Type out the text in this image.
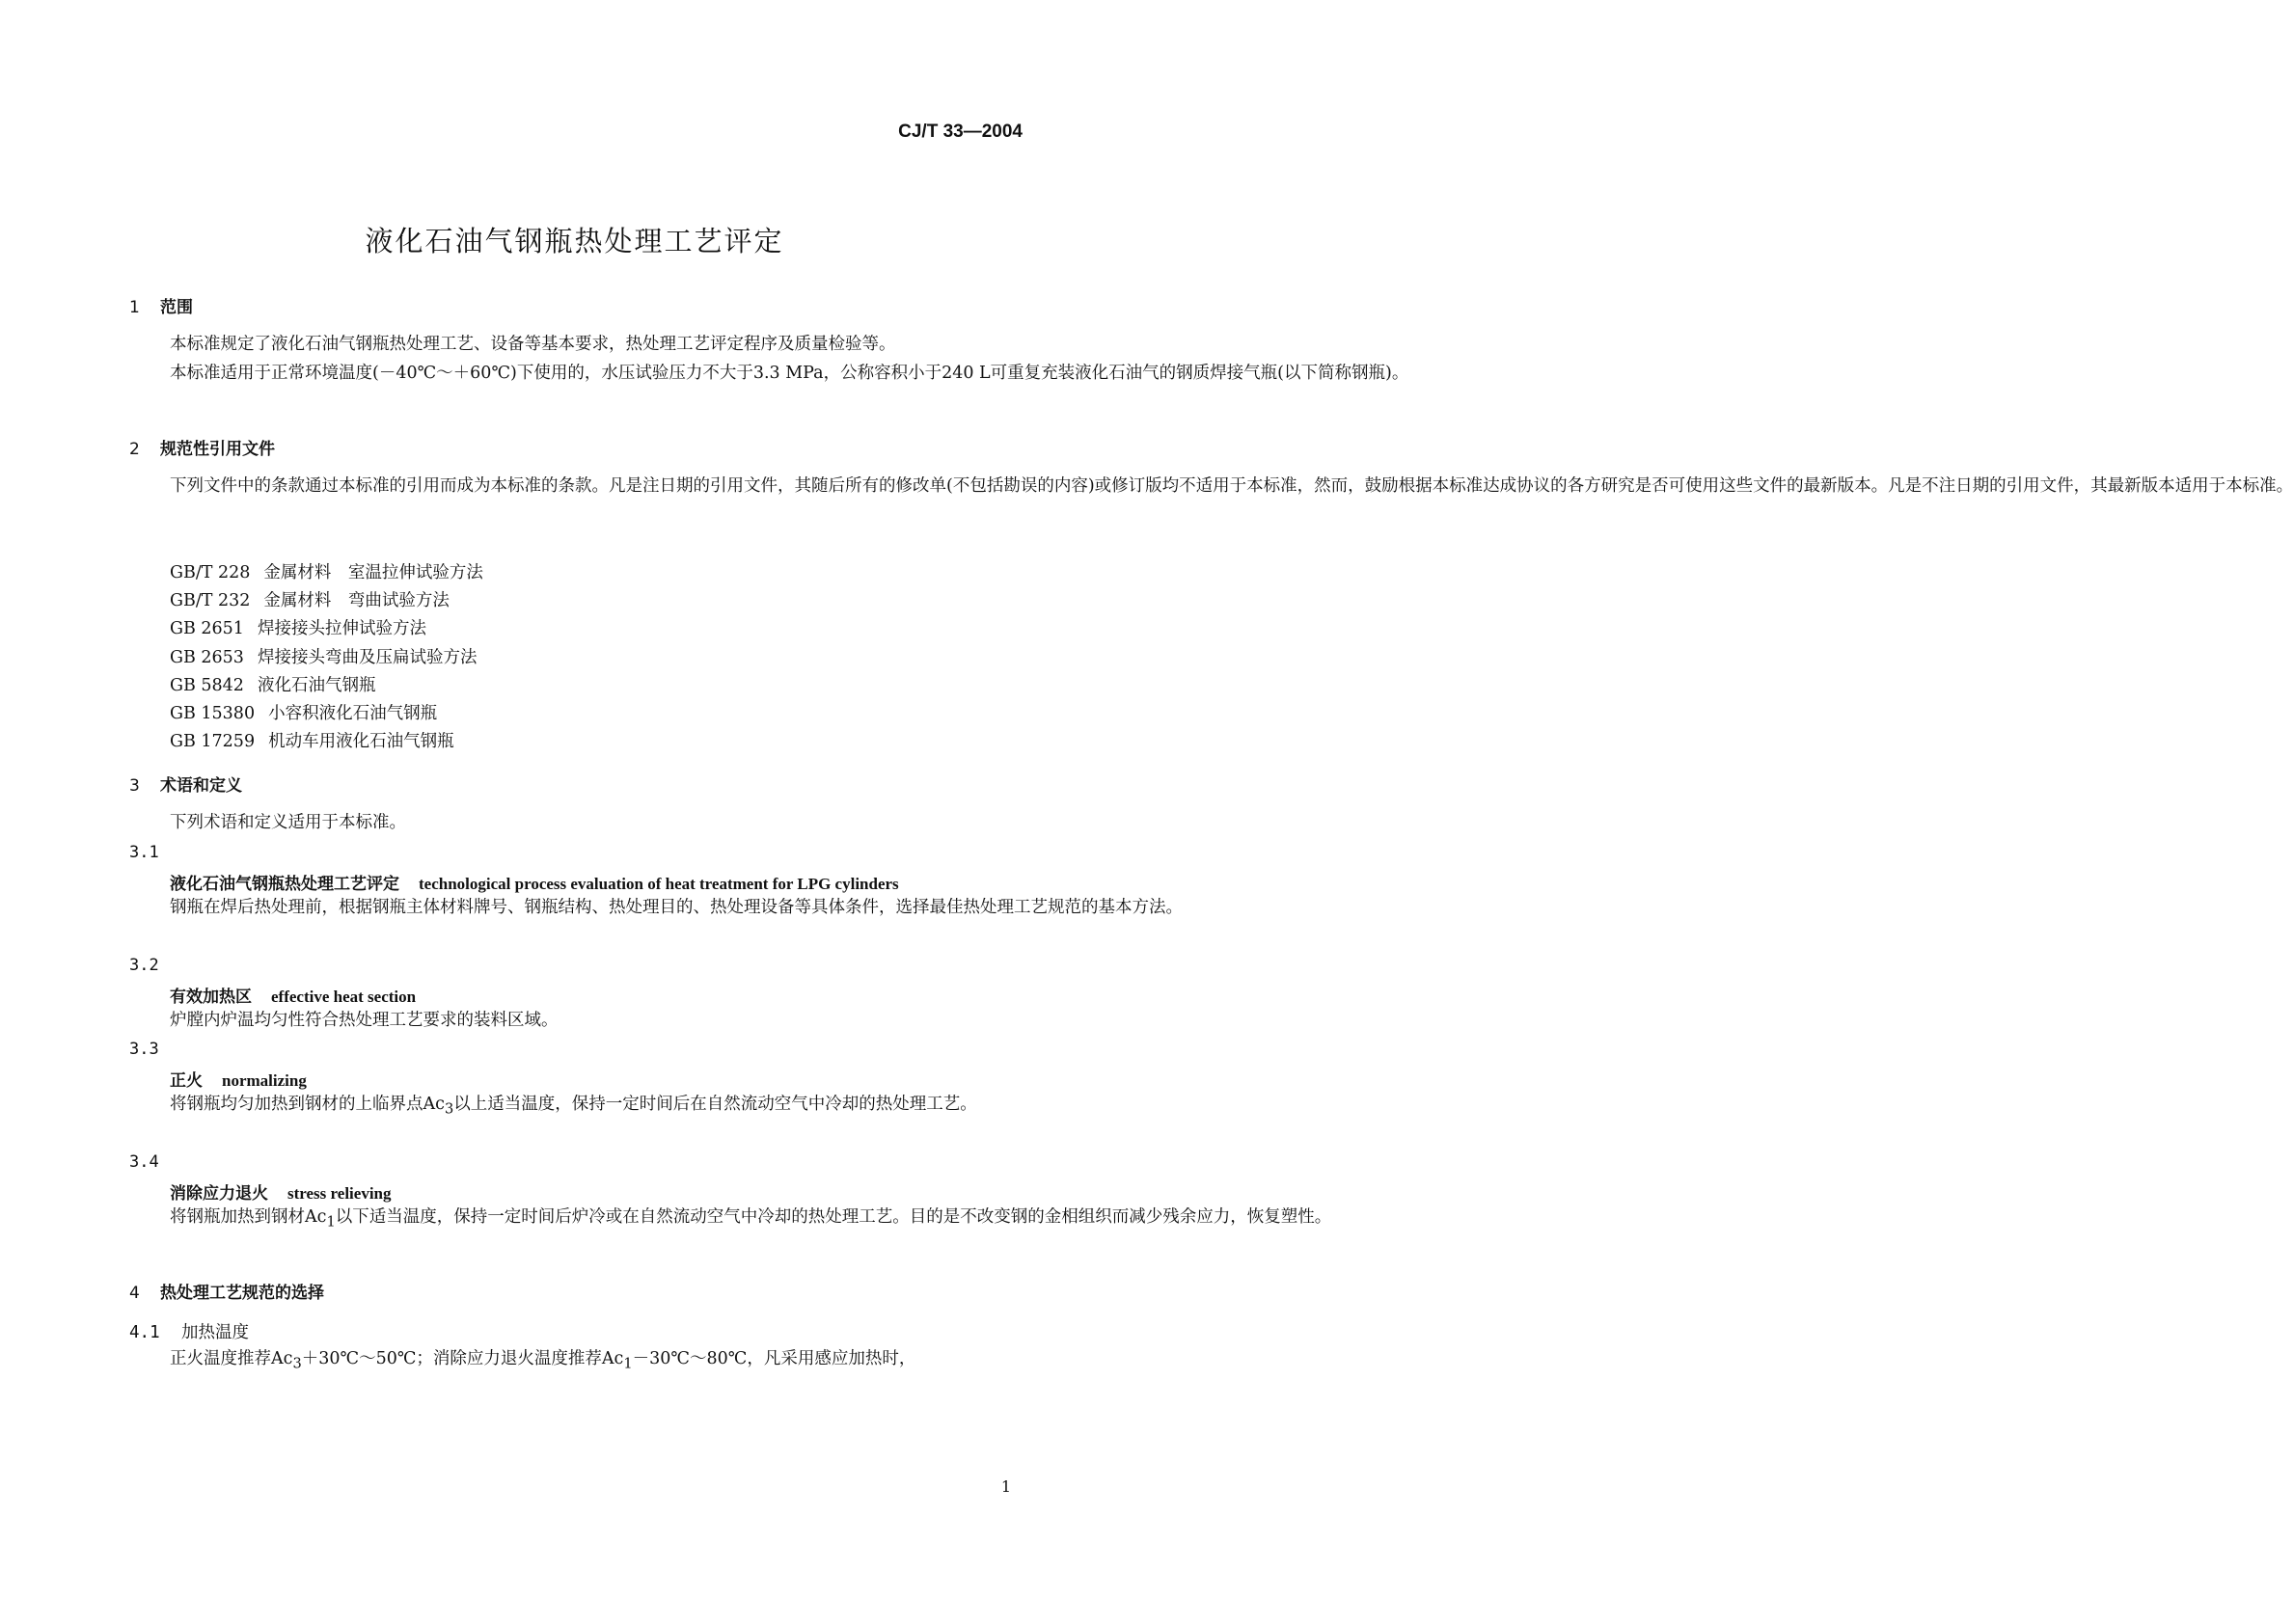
CJ/T 33—2004
液化石油气钢瓶热处理工艺评定
1 范围
本标准规定了液化石油气钢瓶热处理工艺、设备等基本要求，热处理工艺评定程序及质量检验等。
本标准适用于正常环境温度(－40℃～＋60℃)下使用的，水压试验压力不大于3.3 MPa，公称容积小于240 L可重复充装液化石油气的钢质焊接气瓶(以下简称钢瓶)。
2 规范性引用文件
下列文件中的条款通过本标准的引用而成为本标准的条款。凡是注日期的引用文件，其随后所有的修改单(不包括勘误的内容)或修订版均不适用于本标准，然而，鼓励根据本标准达成协议的各方研究是否可使用这些文件的最新版本。凡是不注日期的引用文件，其最新版本适用于本标准。
GB/T 228 金属材料　室温拉伸试验方法
GB/T 232 金属材料　弯曲试验方法
GB 2651 焊接接头拉伸试验方法
GB 2653 焊接接头弯曲及压扁试验方法
GB 5842 液化石油气钢瓶
GB 15380 小容积液化石油气钢瓶
GB 17259 机动车用液化石油气钢瓶
3 术语和定义
下列术语和定义适用于本标准。
3.1
液化石油气钢瓶热处理工艺评定 technological process evaluation of heat treatment for LPG cylinders
钢瓶在焊后热处理前，根据钢瓶主体材料牌号、钢瓶结构、热处理目的、热处理设备等具体条件，选择最佳热处理工艺规范的基本方法。
3.2
有效加热区 effective heat section
炉膛内炉温均匀性符合热处理工艺要求的装料区域。
3.3
正火 normalizing
将钢瓶均匀加热到钢材的上临界点$Ac_3$以上适当温度，保持一定时间后在自然流动空气中冷却的热处理工艺。
3.4
消除应力退火 stress relieving
将钢瓶加热到钢材$Ac_1$以下适当温度，保持一定时间后炉冷或在自然流动空气中冷却的热处理工艺。目的是不改变钢的金相组织而减少残余应力，恢复塑性。
4 热处理工艺规范的选择
4.1 加热温度
正火温度推荐$Ac_3+30℃\sim 50℃$；消除应力退火温度推荐$Ac_1-30℃\sim 80℃$，凡采用感应加热时，
1
